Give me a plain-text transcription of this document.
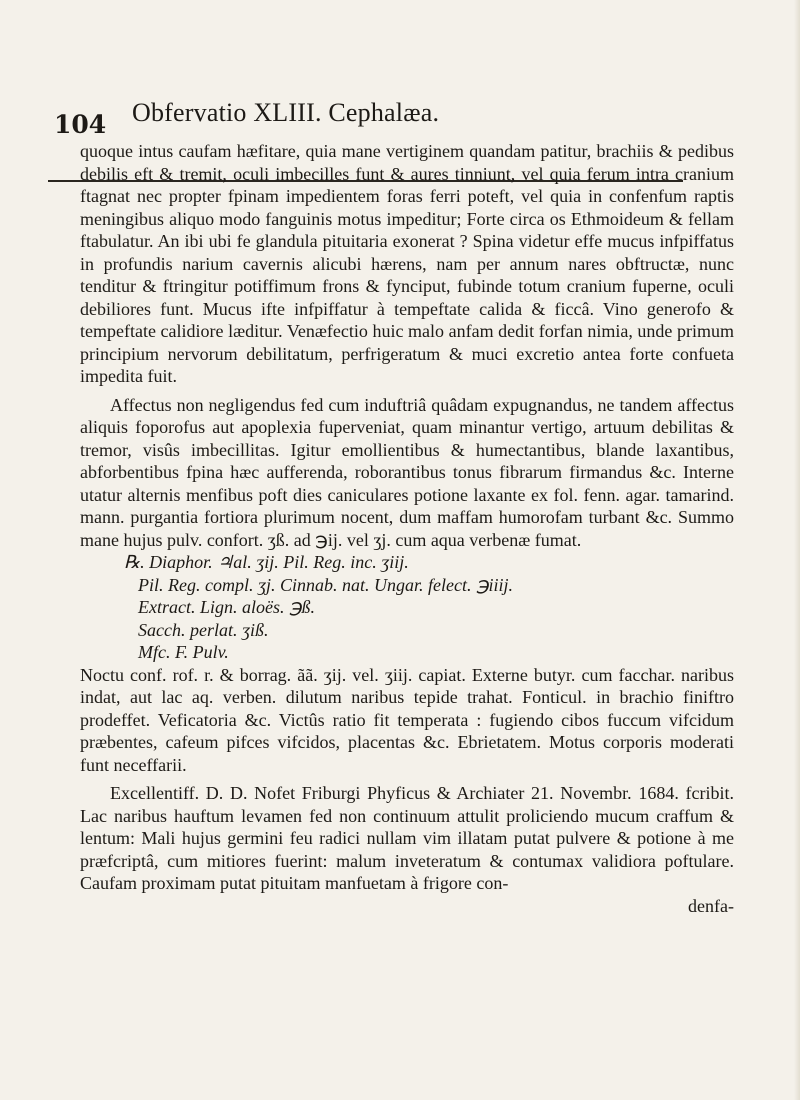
104 Obfervatio XLIII. Cephalæa.

quoque intus caufam hæfitare, quia mane vertiginem quandam patitur, brachiis & pedibus debilis eft & tremit, oculi imbecilles funt & aures tinniunt, vel quia ferum intra cranium ftagnat nec propter fpinam impedientem foras ferri poteft, vel quia in confenfum raptis meningibus aliquo modo fanguinis motus impeditur; Forte circa os Ethmoideum & fellam ftabulatur. An ibi ubi fe glandula pituitaria exonerat ? Spina videtur effe mucus infpiffatus in profundis narium cavernis alicubi hærens, nam per annum nares obftructæ, nunc tenditur & ftringitur potiffimum frons & fynciput, fubinde totum cranium fuperne, oculi debiliores funt. Mucus ifte infpiffatur à tempeftate calida & ficcâ. Vino generofo & tempeftate calidiore læditur. Venæfectio huic malo anfam dedit forfan nimia, unde primum principium nervorum debilitatum, perfrigeratum & muci excretio antea forte confueta impedita fuit.

Affectus non negligendus fed cum induftriâ quâdam expugnandus, ne tandem affectus aliquis foporofus aut apoplexia fuperveniat, quam minantur vertigo, artuum debilitas & tremor, visûs imbecillitas. Igitur emollientibus & humectantibus, blande laxantibus, abforbentibus fpina hæc aufferenda, roborantibus tonus fibrarum firmandus &c. Interne utatur alternis menfibus poft dies caniculares potione laxante ex fol. fenn. agar. tamarind. mann. purgantia fortiora plurimum nocent, dum maffam humorofam turbant &c. Summo mane hujus pulv. confort. ʒß. ad ℈ij. vel ʒj. cum aqua verbenæ fumat.

℞. Diaphor. ♃al. ʒij. Pil. Reg. inc. ʒiij.
Pil. Reg. compl. ʒj. Cinnab. nat. Ungar. felect. ℈iiij.
Extract. Lign. aloës. ℈ß.
Sacch. perlat. ʒiß.
Mfc. F. Pulv.

Noctu conf. rof. r. & borrag. ãã. ʒij. vel. ʒiij. capiat. Externe butyr. cum facchar. naribus indat, aut lac aq. verben. dilutum naribus tepide trahat. Fonticul. in brachio finiftro prodeffet. Veficatoria &c. Victûs ratio fit temperata : fugiendo cibos fuccum vifcidum præbentes, cafeum pifces vifcidos, placentas &c. Ebrietatem. Motus corporis moderati funt neceffarii.

Excellentiff. D. D. Nofet Friburgi Phyficus & Archiater 21. Novembr. 1684. fcribit. Lac naribus hauftum levamen fed non continuum attulit proliciendo mucum craffum & lentum: Mali hujus germini feu radici nullam vim illatam putat pulvere & potione à me præfcriptâ, cum mitiores fuerint: malum inveteratum & contumax validiora poftulare. Caufam proximam putat pituitam manfuetam à frigore con-

denfa-
